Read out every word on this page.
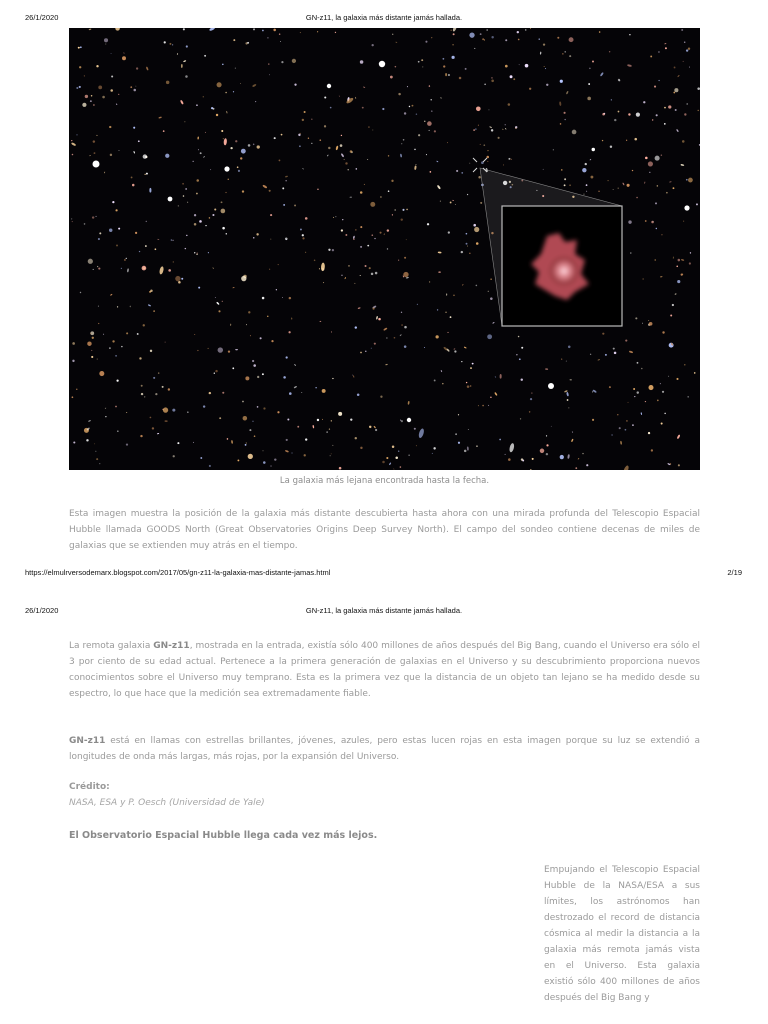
26/1/2020	GN-z11, la galaxia más distante jamás hallada.
La galaxia más lejana encontrada hasta la fecha.
Esta imagen muestra la posición de la galaxia más distante descubierta hasta ahora con una mirada profunda del Telescopio Espacial Hubble llamada GOODS North (Great Observatories Origins Deep Survey North). El campo del sondeo contiene decenas de miles de galaxias que se extienden muy atrás en el tiempo.
https://elmulrversodemarx.blogspot.com/2017/05/gn-z11-la-galaxia-mas-distante-jamas.html	2/19
26/1/2020	GN-z11, la galaxia más distante jamás hallada.
La remota galaxia GN-z11, mostrada en la entrada, existía sólo 400 millones de años después del Big Bang, cuando el Universo era sólo el 3 por ciento de su edad actual. Pertenece a la primera generación de galaxias en el Universo y su descubrimiento proporciona nuevos conocimientos sobre el Universo muy temprano. Esta es la primera vez que la distancia de un objeto tan lejano se ha medido desde su espectro, lo que hace que la medición sea extremadamente fiable.
GN-z11 está en llamas con estrellas brillantes, jóvenes, azules, pero estas lucen rojas en esta imagen porque su luz se extendió a longitudes de onda más largas, más rojas, por la expansión del Universo.
Crédito:
NASA, ESA y P. Oesch (Universidad de Yale)
El Observatorio Espacial Hubble llega cada vez más lejos.
Empujando el Telescopio Espacial Hubble de la NASA/ESA a sus límites, los astrónomos han destrozado el record de distancia cósmica al medir la distancia a la galaxia más remota jamás vista en el Universo. Esta galaxia existió sólo 400 millones de años después del Big Bang y
